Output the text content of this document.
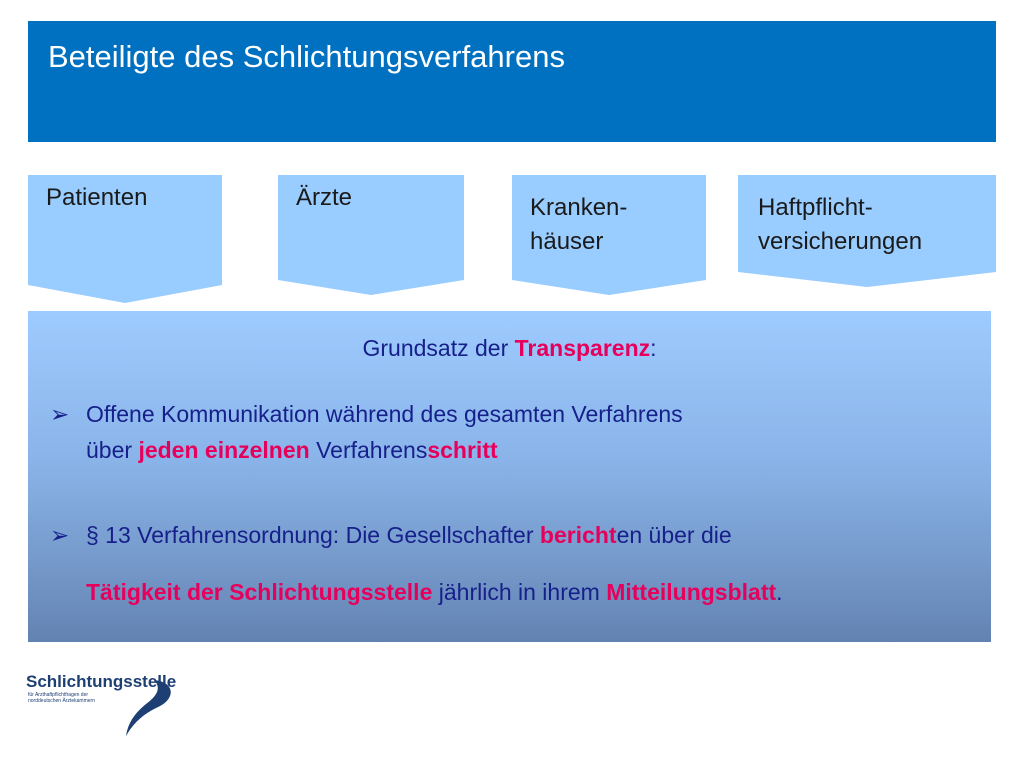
Beteiligte des Schlichtungsverfahrens
Patienten	Ärzte	Kranken-
häuser
Haftpflicht-
versicherungen
Grundsatz der Transparenz:
➢ Offene Kommunikation während des gesamten Verfahrens
über jeden einzelnen Verfahrensschritt
➢ § 13 Verfahrensordnung: Die Gesellschafter berichten über die
Tätigkeit der Schlichtungsstelle jährlich in ihrem Mitteilungsblatt.
Schlichtungsstelle
für Arzthaftpflichtfragen der
norddeutschen Ärztekammern
